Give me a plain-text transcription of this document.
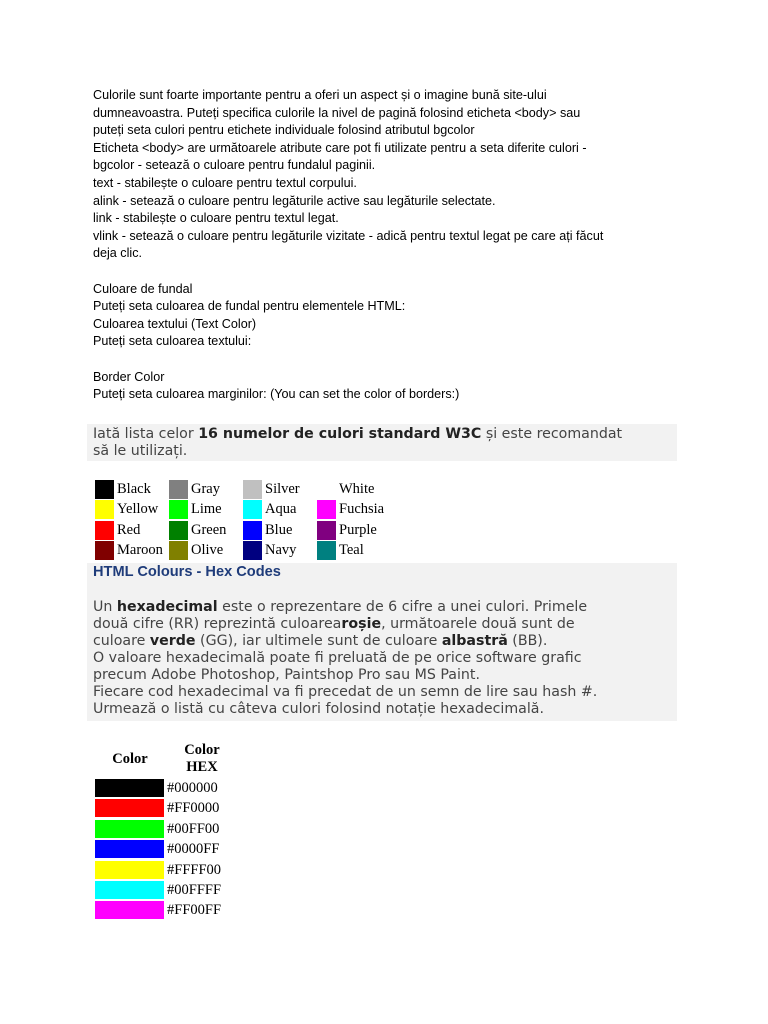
Culorile sunt foarte importante pentru a oferi un aspect și o imagine bună site-ului

dumneavoastra. Puteți specifica culorile la nivel de pagină folosind eticheta <body> sau

puteți seta culori pentru etichete individuale folosind atributul bgcolor

Eticheta <body> are următoarele atribute care pot fi utilizate pentru a seta diferite culori -

bgcolor - setează o culoare pentru fundalul paginii.

text - stabilește o culoare pentru textul corpului.

alink - setează o culoare pentru legăturile active sau legăturile selectate.

link - stabilește o culoare pentru textul legat.

vlink - setează o culoare pentru legăturile vizitate - adică pentru textul legat pe care ați făcut

deja clic.

Culoare de fundal

Puteți seta culoarea de fundal pentru elementele HTML:

Culoarea textului (Text Color)

Puteți seta culoarea textului:

Border Color

Puteți seta culoarea marginilor: (You can set the color of borders:)

Iată lista celor 16 numelor de culori standard W3C și este recomandat
să le utilizați.
	Black		Gray		Silver		White

	Yellow		Lime		Aqua		Fuchsia

	Red		Green		Blue		Purple

	Maroon		Olive		Navy		Teal
HTML Colours - Hex Codes

Un hexadecimal este o reprezentare de 6 cifre a unei culori. Primele

două cifre (RR) reprezintă culoarearoșie, următoarele două sunt de

culoare verde (GG), iar ultimele sunt de culoare albastră (BB).

O valoare hexadecimală poate fi preluată de pe orice software grafic

precum Adobe Photoshop, Paintshop Pro sau MS Paint.

Fiecare cod hexadecimal va fi precedat de un semn de lire sau hash #.

Urmează o listă cu câteva culori folosind notație hexadecimală.

Color
Color
HEX
#000000
#FF0000
#00FF00
#0000FF
#FFFF00
#00FFFF
#FF00FF
